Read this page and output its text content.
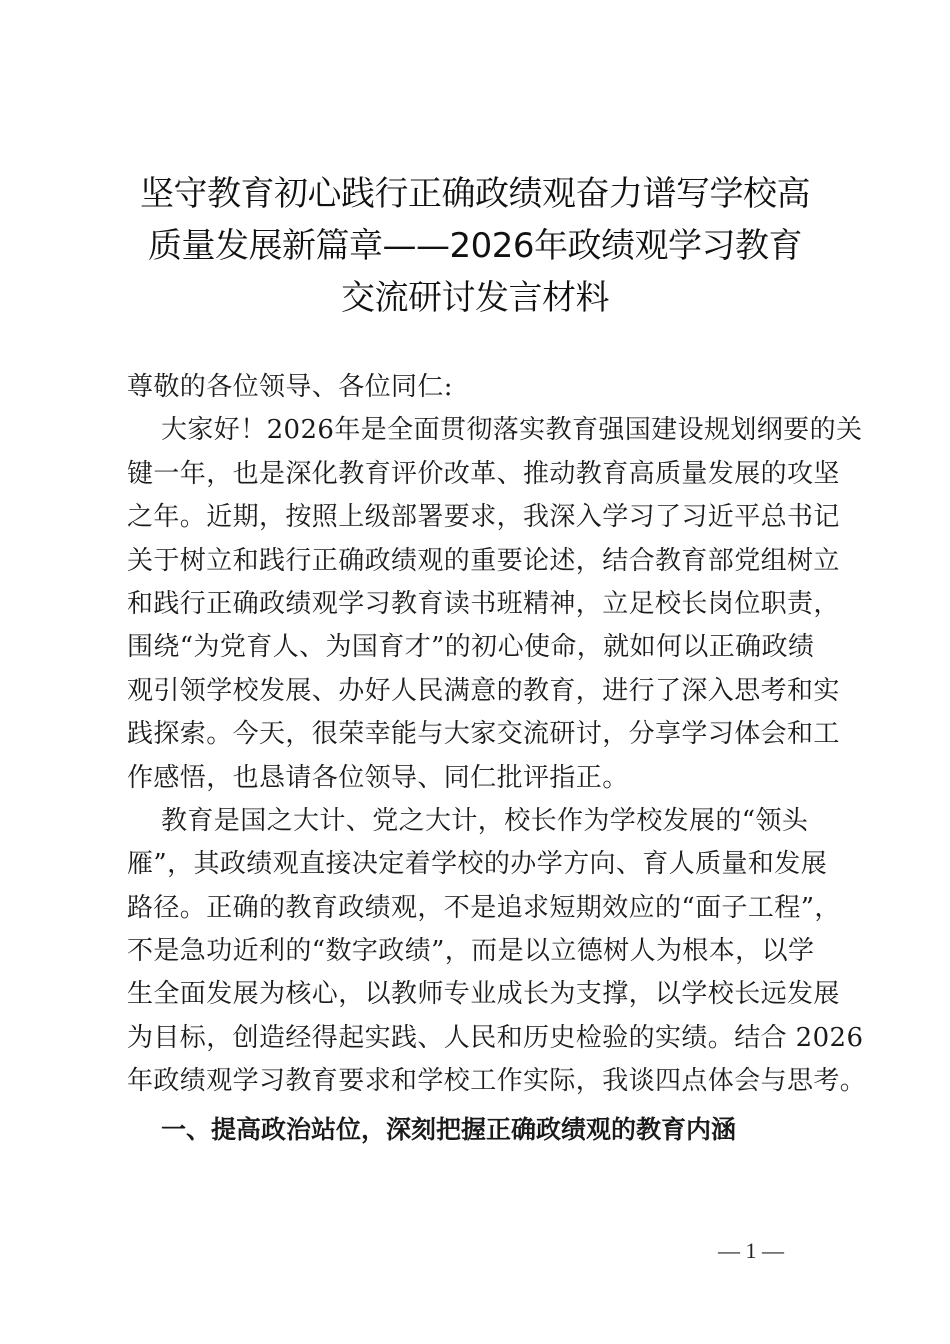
坚守教育初心践行正确政绩观奋力谱写学校高
质量发展新篇章——2026年政绩观学习教育
交流研讨发言材料
尊敬的各位领导、各位同仁:
大家好！2026年是全面贯彻落实教育强国建设规划纲要的关
键一年，也是深化教育评价改革、推动教育高质量发展的攻坚
之年。近期，按照上级部署要求，我深入学习了习近平总书记
关于树立和践行正确政绩观的重要论述，结合教育部党组树立
和践行正确政绩观学习教育读书班精神，立足校长岗位职责，
围绕“为党育人、为国育才”的初心使命，就如何以正确政绩
观引领学校发展、办好人民满意的教育，进行了深入思考和实
践探索。今天，很荣幸能与大家交流研讨，分享学习体会和工
作感悟，也恳请各位领导、同仁批评指正。
教育是国之大计、党之大计，校长作为学校发展的“领头
雁”，其政绩观直接决定着学校的办学方向、育人质量和发展
路径。正确的教育政绩观，不是追求短期效应的“面子工程”，
不是急功近利的“数字政绩”，而是以立德树人为根本，以学
生全面发展为核心，以教师专业成长为支撑，以学校长远发展
为目标，创造经得起实践、人民和历史检验的实绩。结合 2026
年政绩观学习教育要求和学校工作实际，我谈四点体会与思考。
一、提高政治站位，深刻把握正确政绩观的教育内涵
— 1 —
